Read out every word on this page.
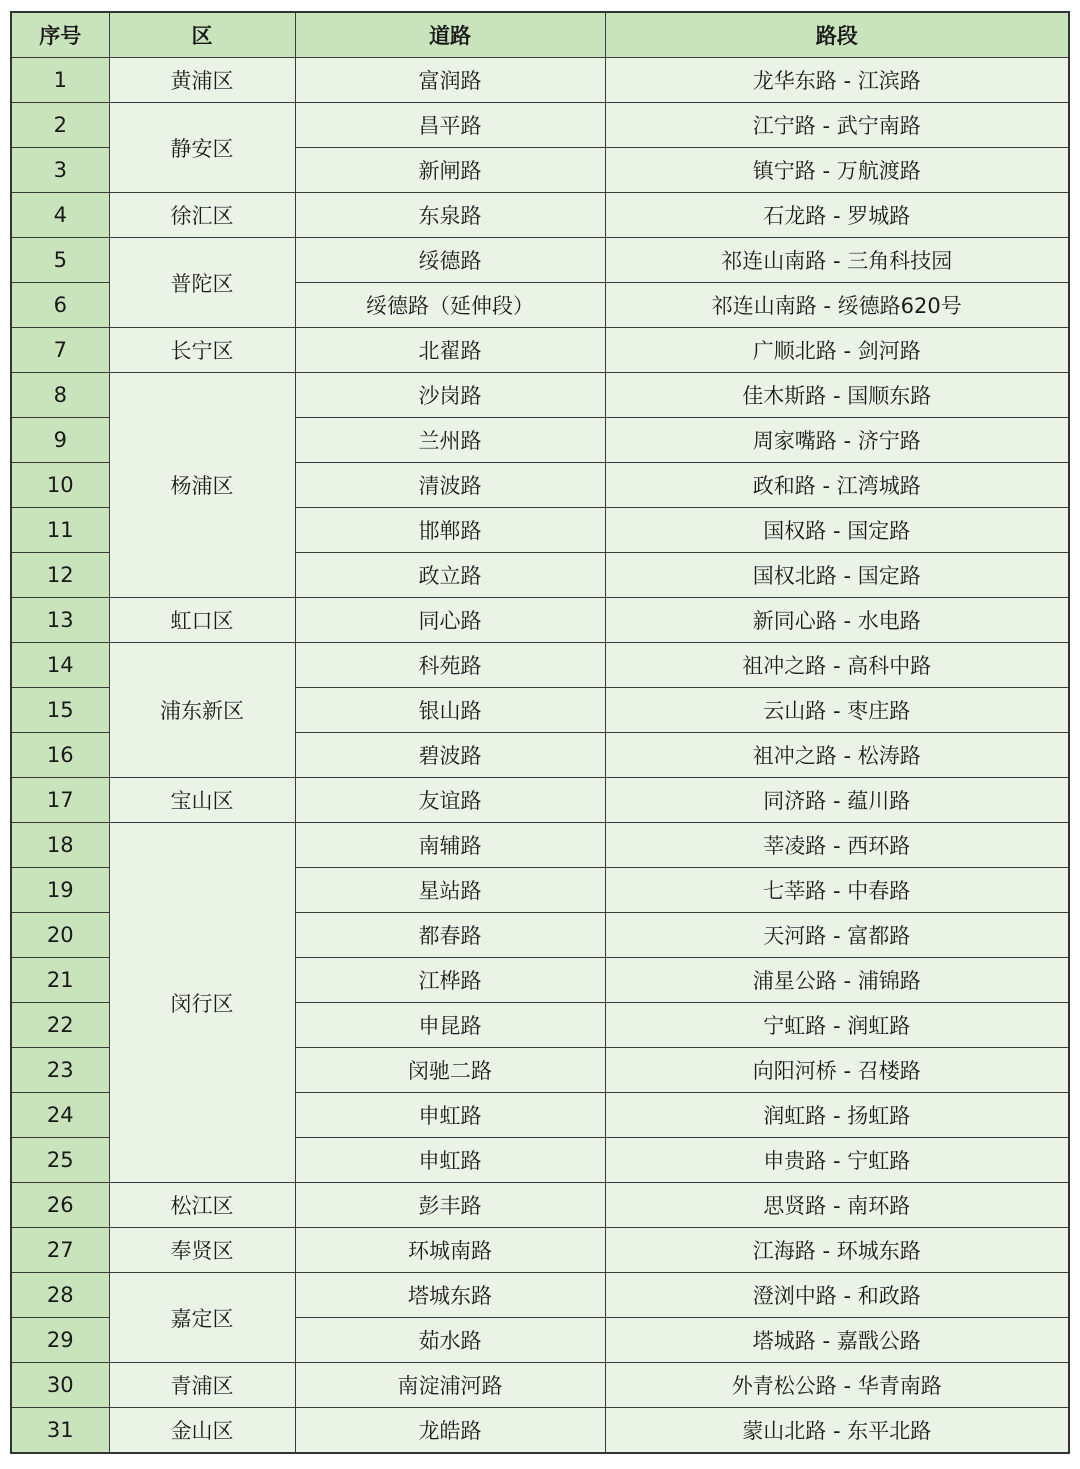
序号	区	道路	路段
1	黄浦区	富润路	龙华东路 - 江滨路
2	静安区	昌平路	江宁路 - 武宁南路
3		新闸路	镇宁路 - 万航渡路
4	徐汇区	东泉路	石龙路 - 罗城路
5	普陀区	绥德路	祁连山南路 - 三角科技园
6		绥德路（延伸段）	祁连山南路 - 绥德路620号
7	长宁区	北翟路	广顺北路 - 剑河路
8	杨浦区	沙岗路	佳木斯路 - 国顺东路
9		兰州路	周家嘴路 - 济宁路
10		清波路	政和路 - 江湾城路
11		邯郸路	国权路 - 国定路
12		政立路	国权北路 - 国定路
13	虹口区	同心路	新同心路 - 水电路
14	浦东新区	科苑路	祖冲之路 - 高科中路
15		银山路	云山路 - 枣庄路
16		碧波路	祖冲之路 - 松涛路
17	宝山区	友谊路	同济路 - 蕴川路
18	闵行区	南辅路	莘凌路 - 西环路
19		星站路	七莘路 - 中春路
20		都春路	天河路 - 富都路
21		江桦路	浦星公路 - 浦锦路
22		申昆路	宁虹路 - 润虹路
23		闵驰二路	向阳河桥 - 召楼路
24		申虹路	润虹路 - 扬虹路
25		申虹路	申贵路 - 宁虹路
26	松江区	彭丰路	思贤路 - 南环路
27	奉贤区	环城南路	江海路 - 环城东路
28	嘉定区	塔城东路	澄浏中路 - 和政路
29		茹水路	塔城路 - 嘉戬公路
30	青浦区	南淀浦河路	外青松公路 - 华青南路
31	金山区	龙皓路	蒙山北路 - 东平北路
